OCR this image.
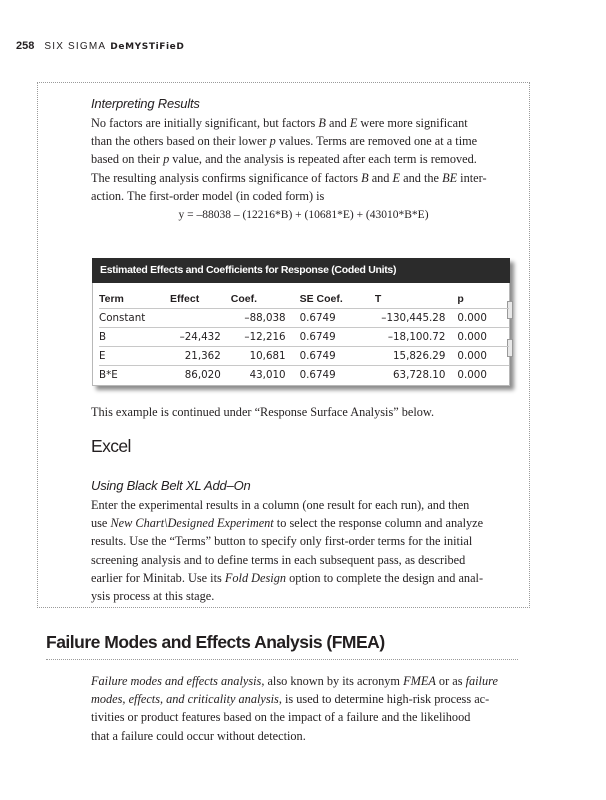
258 SIX SIGMA DeMYSTiFieD
Interpreting Results
No factors are initially significant, but factors B and E were more significant
than the others based on their lower p values. Terms are removed one at a time
based on their p value, and the analysis is repeated after each term is removed.
The resulting analysis confirms significance of factors B and E and the BE inter-
action. The first-order model (in coded form) is
y = –88038 – (12216*B) + (10681*E) + (43010*B*E)
Estimated Effects and Coefficients for Response (Coded Units)
Term	Effect	Coef.	SE Coef.	T	p
Constant		–88,038	0.6749	–130,445.28	0.000
B	–24,432	–12,216	0.6749	–18,100.72	0.000
E	21,362	10,681	0.6749	15,826.29	0.000
B*E	86,020	43,010	0.6749	63,728.10	0.000
This example is continued under “Response Surface Analysis” below.
Excel
Using Black Belt XL Add–On
Enter the experimental results in a column (one result for each run), and then
use New Chart\Designed Experiment to select the response column and analyze
results. Use the “Terms” button to specify only first-order terms for the initial
screening analysis and to define terms in each subsequent pass, as described
earlier for Minitab. Use its Fold Design option to complete the design and anal-
ysis process at this stage.
Failure Modes and Effects Analysis (FMEA)
Failure modes and effects analysis, also known by its acronym FMEA or as failure
modes, effects, and criticality analysis, is used to determine high-risk process ac-
tivities or product features based on the impact of a failure and the likelihood
that a failure could occur without detection.
